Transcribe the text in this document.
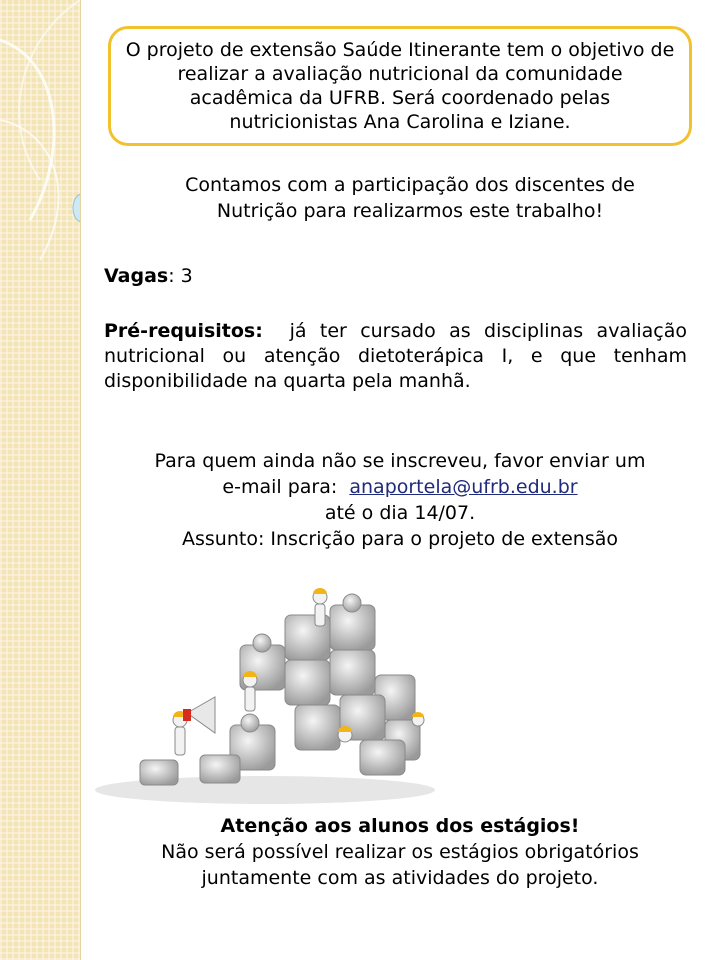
O projeto de extensão Saúde Itinerante tem o objetivo de realizar a avaliação nutricional da comunidade acadêmica da UFRB. Será coordenado pelas nutricionistas Ana Carolina e Iziane.
Contamos com a participação dos discentes de
Nutrição para realizarmos este trabalho!
Vagas: 3
Pré-requisitos: já ter cursado as disciplinas avaliação nutricional ou atenção dietoterápica I, e que tenham disponibilidade na quarta pela manhã.
Para quem ainda não se inscreveu, favor enviar um
e-mail para: anaportela@ufrb.edu.br
até o dia 14/07.
Assunto: Inscrição para o projeto de extensão
Atenção aos alunos dos estágios!
Não será possível realizar os estágios obrigatórios
juntamente com as atividades do projeto.
